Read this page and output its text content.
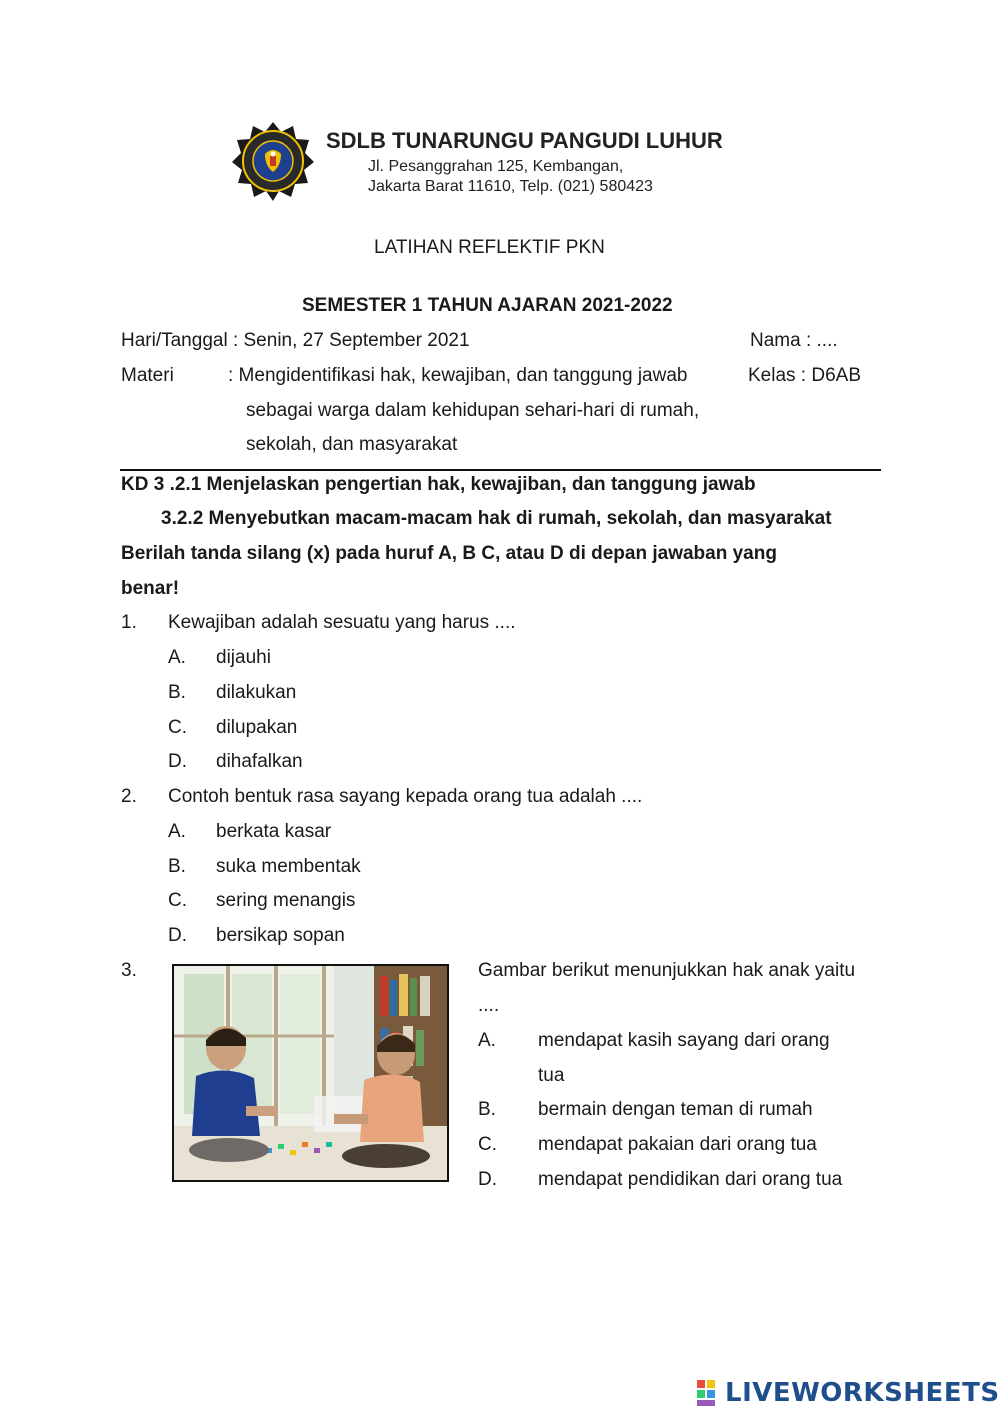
SDLB TUNARUNGU PANGUDI LUHUR
Jl. Pesanggrahan 125, Kembangan,
Jakarta Barat 11610, Telp. (021) 580423
LATIHAN REFLEKTIF PKN
SEMESTER 1 TAHUN AJARAN 2021-2022
Hari/Tanggal : Senin, 27 September 2021	Nama : ....
Materi	: Mengidentifikasi hak, kewajiban, dan tanggung jawab	Kelas : D6AB
sebagai warga dalam kehidupan sehari-hari di rumah,
sekolah, dan masyarakat
KD 3 .2.1 Menjelaskan pengertian hak, kewajiban, dan tanggung jawab
3.2.2 Menyebutkan macam-macam hak di rumah, sekolah, dan masyarakat
Berilah tanda silang (x) pada huruf A, B C, atau D di depan jawaban yang
benar!
1. Kewajiban adalah sesuatu yang harus ....
A. dijauhi
B. dilakukan
C. dilupakan
D. dihafalkan
2. Contoh bentuk rasa sayang kepada orang tua adalah ....
A. berkata kasar
B. suka membentak
C. sering menangis
D. bersikap sopan
3.	Gambar berikut menunjukkan hak anak yaitu
....
A. mendapat kasih sayang dari orang
tua
B. bermain dengan teman di rumah
C. mendapat pakaian dari orang tua
D. mendapat pendidikan dari orang tua
LIVEWORKSHEETS
